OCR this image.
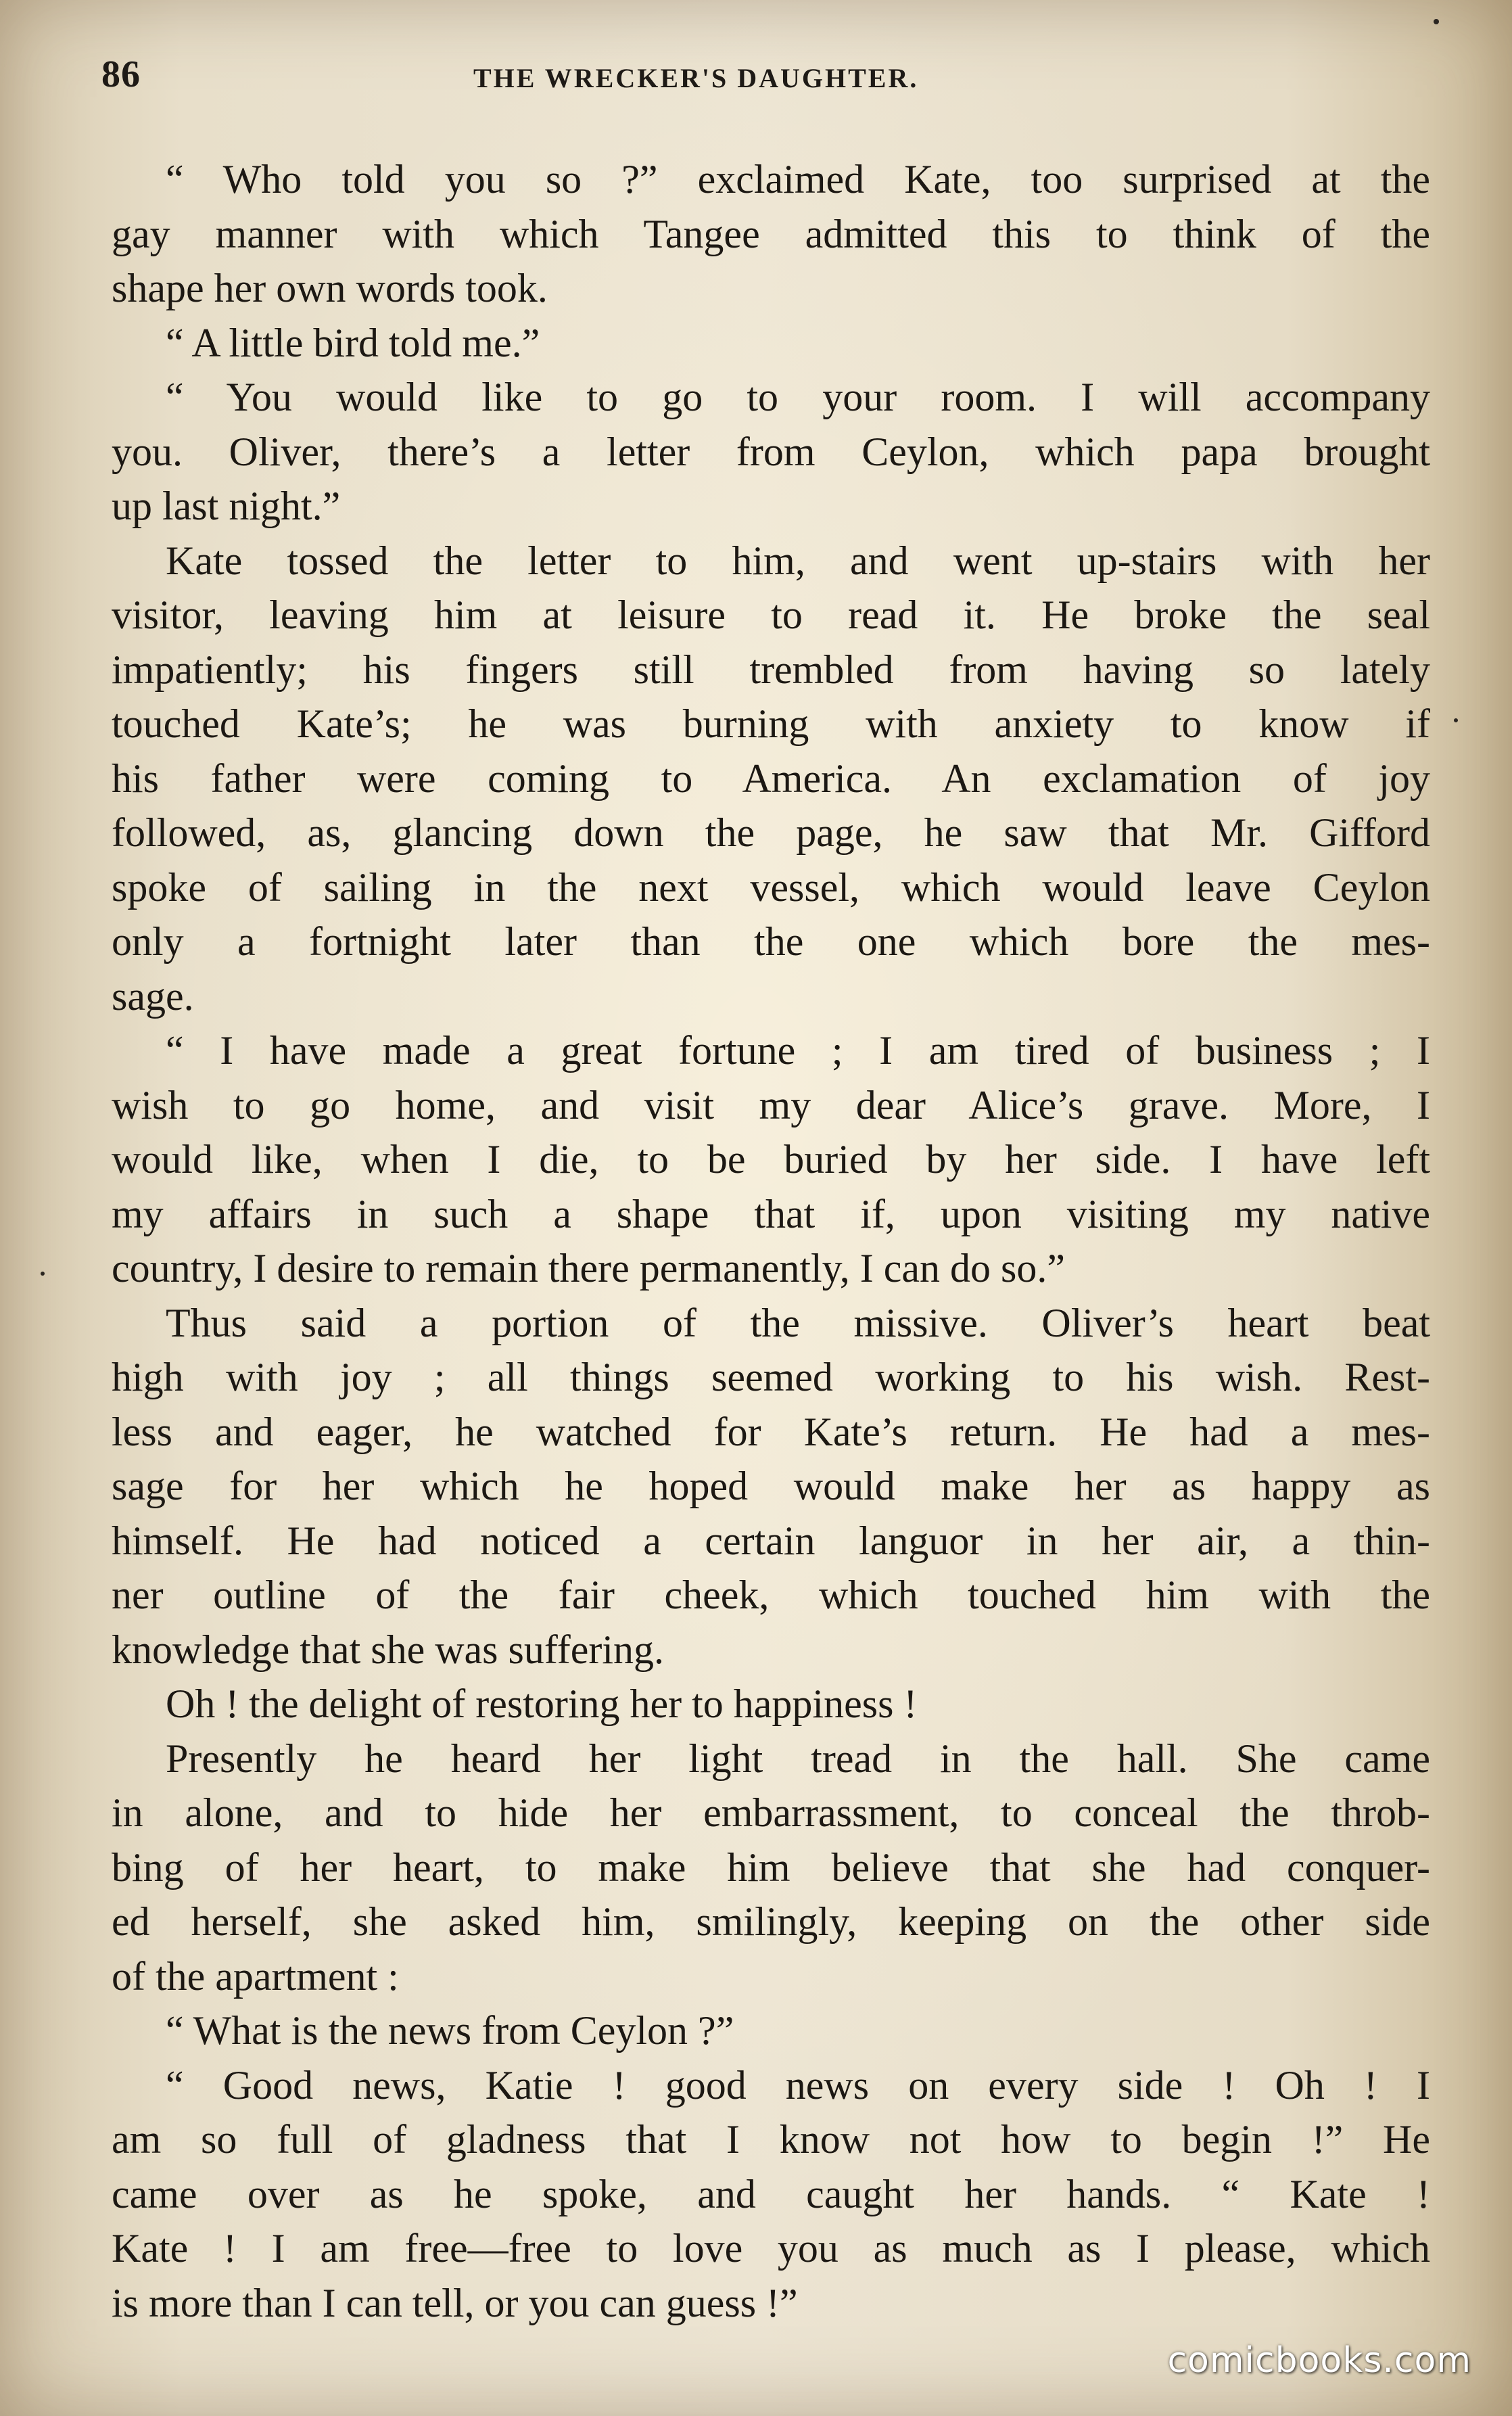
86	THE WRECKER'S DAUGHTER.
“ Who told you so ?” exclaimed Kate, too surprised at the
gay manner with which Tangee admitted this to think of the
shape her own words took.
“ A little bird told me.”
“ You would like to go to your room. I will accompany
you. Oliver, there’s a letter from Ceylon, which papa brought
up last night.”
Kate tossed the letter to him, and went up-stairs with her
visitor, leaving him at leisure to read it. He broke the seal
impatiently; his fingers still trembled from having so lately
touched Kate’s; he was burning with anxiety to know if
his father were coming to America. An exclamation of joy
followed, as, glancing down the page, he saw that Mr. Gifford
spoke of sailing in the next vessel, which would leave Ceylon
only a fortnight later than the one which bore the mes-
sage.
“ I have made a great fortune ; I am tired of business ; I
wish to go home, and visit my dear Alice’s grave. More, I
would like, when I die, to be buried by her side. I have left
my affairs in such a shape that if, upon visiting my native
country, I desire to remain there permanently, I can do so.”
Thus said a portion of the missive. Oliver’s heart beat
high with joy ; all things seemed working to his wish. Rest-
less and eager, he watched for Kate’s return. He had a mes-
sage for her which he hoped would make her as happy as
himself. He had noticed a certain languor in her air, a thin-
ner outline of the fair cheek, which touched him with the
knowledge that she was suffering.
Oh ! the delight of restoring her to happiness !
Presently he heard her light tread in the hall. She came
in alone, and to hide her embarrassment, to conceal the throb-
bing of her heart, to make him believe that she had conquer-
ed herself, she asked him, smilingly, keeping on the other side
of the apartment :
“ What is the news from Ceylon ?”
“ Good news, Katie ! good news on every side ! Oh ! I
am so full of gladness that I know not how to begin !” He
came over as he spoke, and caught her hands. “ Kate !
Kate ! I am free—free to love you as much as I please, which
is more than I can tell, or you can guess !”
comicbooks.com
